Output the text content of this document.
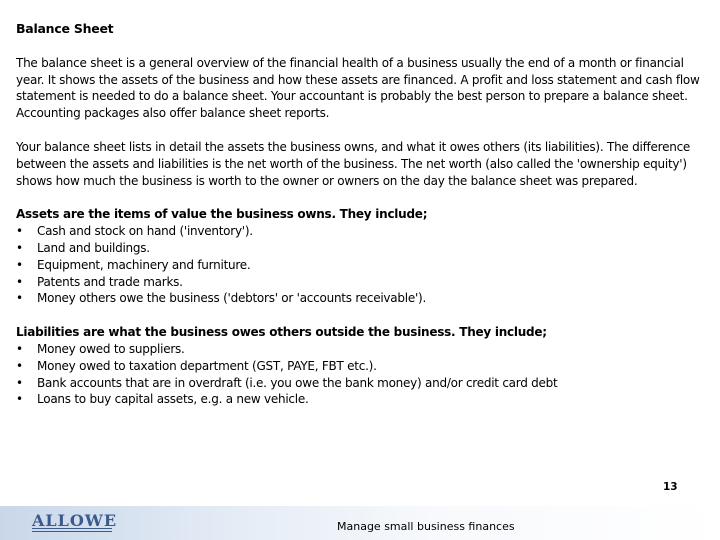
Balance Sheet

The balance sheet is a general overview of the financial health of a business usually the end of a month or financial year. It shows the assets of the business and how these assets are financed. A profit and loss statement and cash flow statement is needed to do a balance sheet. Your accountant is probably the best person to prepare a balance sheet. Accounting packages also offer balance sheet reports.

Your balance sheet lists in detail the assets the business owns, and what it owes others (its liabilities). The difference between the assets and liabilities is the net worth of the business. The net worth (also called the 'ownership equity') shows how much the business is worth to the owner or owners on the day the balance sheet was prepared.

Assets are the items of value the business owns. They include;
• Cash and stock on hand ('inventory').
• Land and buildings.
• Equipment, machinery and furniture.
• Patents and trade marks.
• Money others owe the business ('debtors' or 'accounts receivable').
Liabilities are what the business owes others outside the business. They include;
• Money owed to suppliers.
• Money owed to taxation department (GST, PAYE, FBT etc.).
• Bank accounts that are in overdraft (i.e. you owe the bank money) and/or credit card debt
• Loans to buy capital assets, e.g. a new vehicle.
ALLOWE	Manage small business finances
13
